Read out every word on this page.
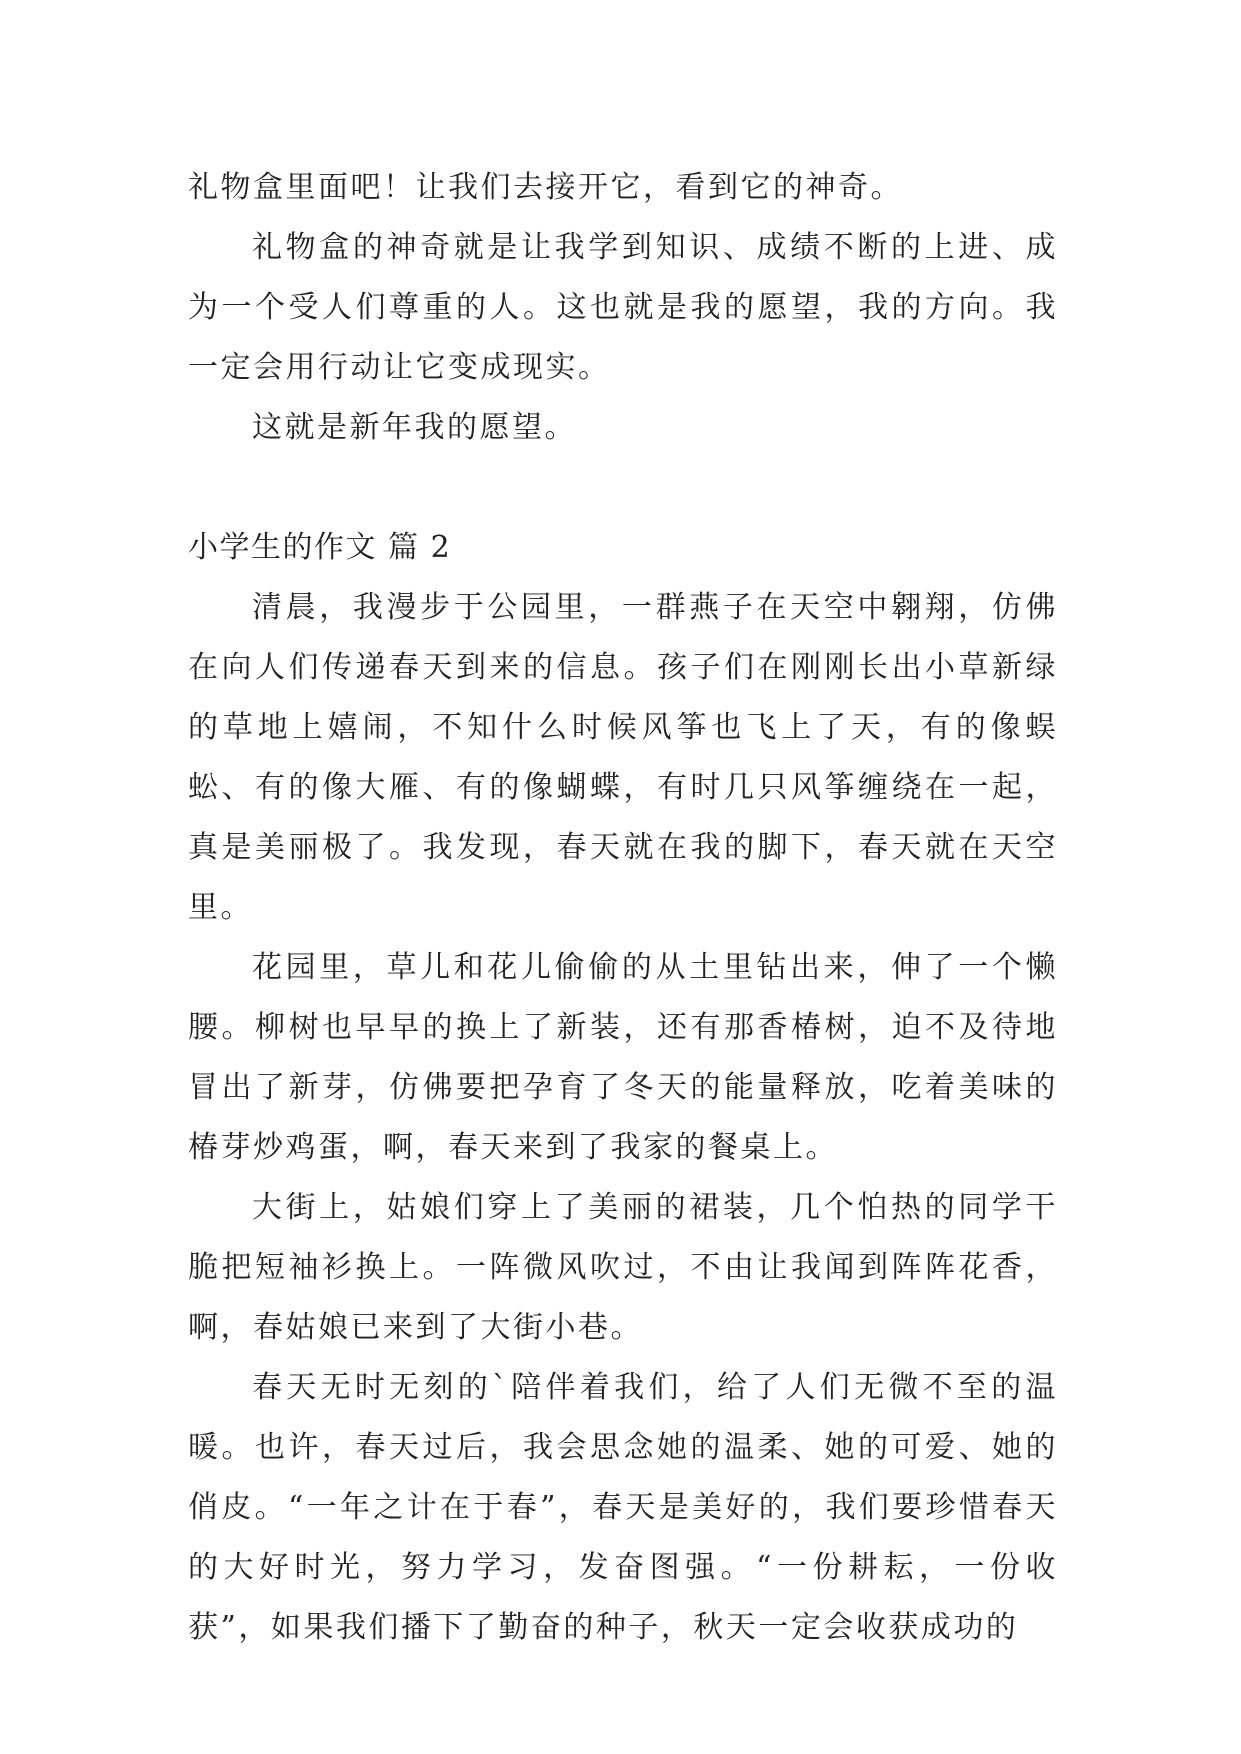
礼物盒里面吧！让我们去接开它，看到它的神奇。

礼物盒的神奇就是让我学到知识、成绩不断的上进、成为一个受人们尊重的人。这也就是我的愿望，我的方向。我一定会用行动让它变成现实。

这就是新年我的愿望。

小学生的作文 篇 2

清晨，我漫步于公园里，一群燕子在天空中翱翔，仿佛在向人们传递春天到来的信息。孩子们在刚刚长出小草新绿的草地上嬉闹，不知什么时候风筝也飞上了天，有的像蜈蚣、有的像大雁、有的像蝴蝶，有时几只风筝缠绕在一起，真是美丽极了。我发现，春天就在我的脚下，春天就在天空里。

花园里，草儿和花儿偷偷的从土里钻出来，伸了一个懒腰。柳树也早早的换上了新装，还有那香椿树，迫不及待地冒出了新芽，仿佛要把孕育了冬天的能量释放，吃着美味的椿芽炒鸡蛋，啊，春天来到了我家的餐桌上。

大街上，姑娘们穿上了美丽的裙装，几个怕热的同学干脆把短袖衫换上。一阵微风吹过，不由让我闻到阵阵花香，啊，春姑娘已来到了大街小巷。

春天无时无刻的`陪伴着我们，给了人们无微不至的温暖。也许，春天过后，我会思念她的温柔、她的可爱、她的俏皮。“一年之计在于春”，春天是美好的，我们要珍惜春天的大好时光，努力学习，发奋图强。“一份耕耘，一份收获”，如果我们播下了勤奋的种子，秋天一定会收获成功的
